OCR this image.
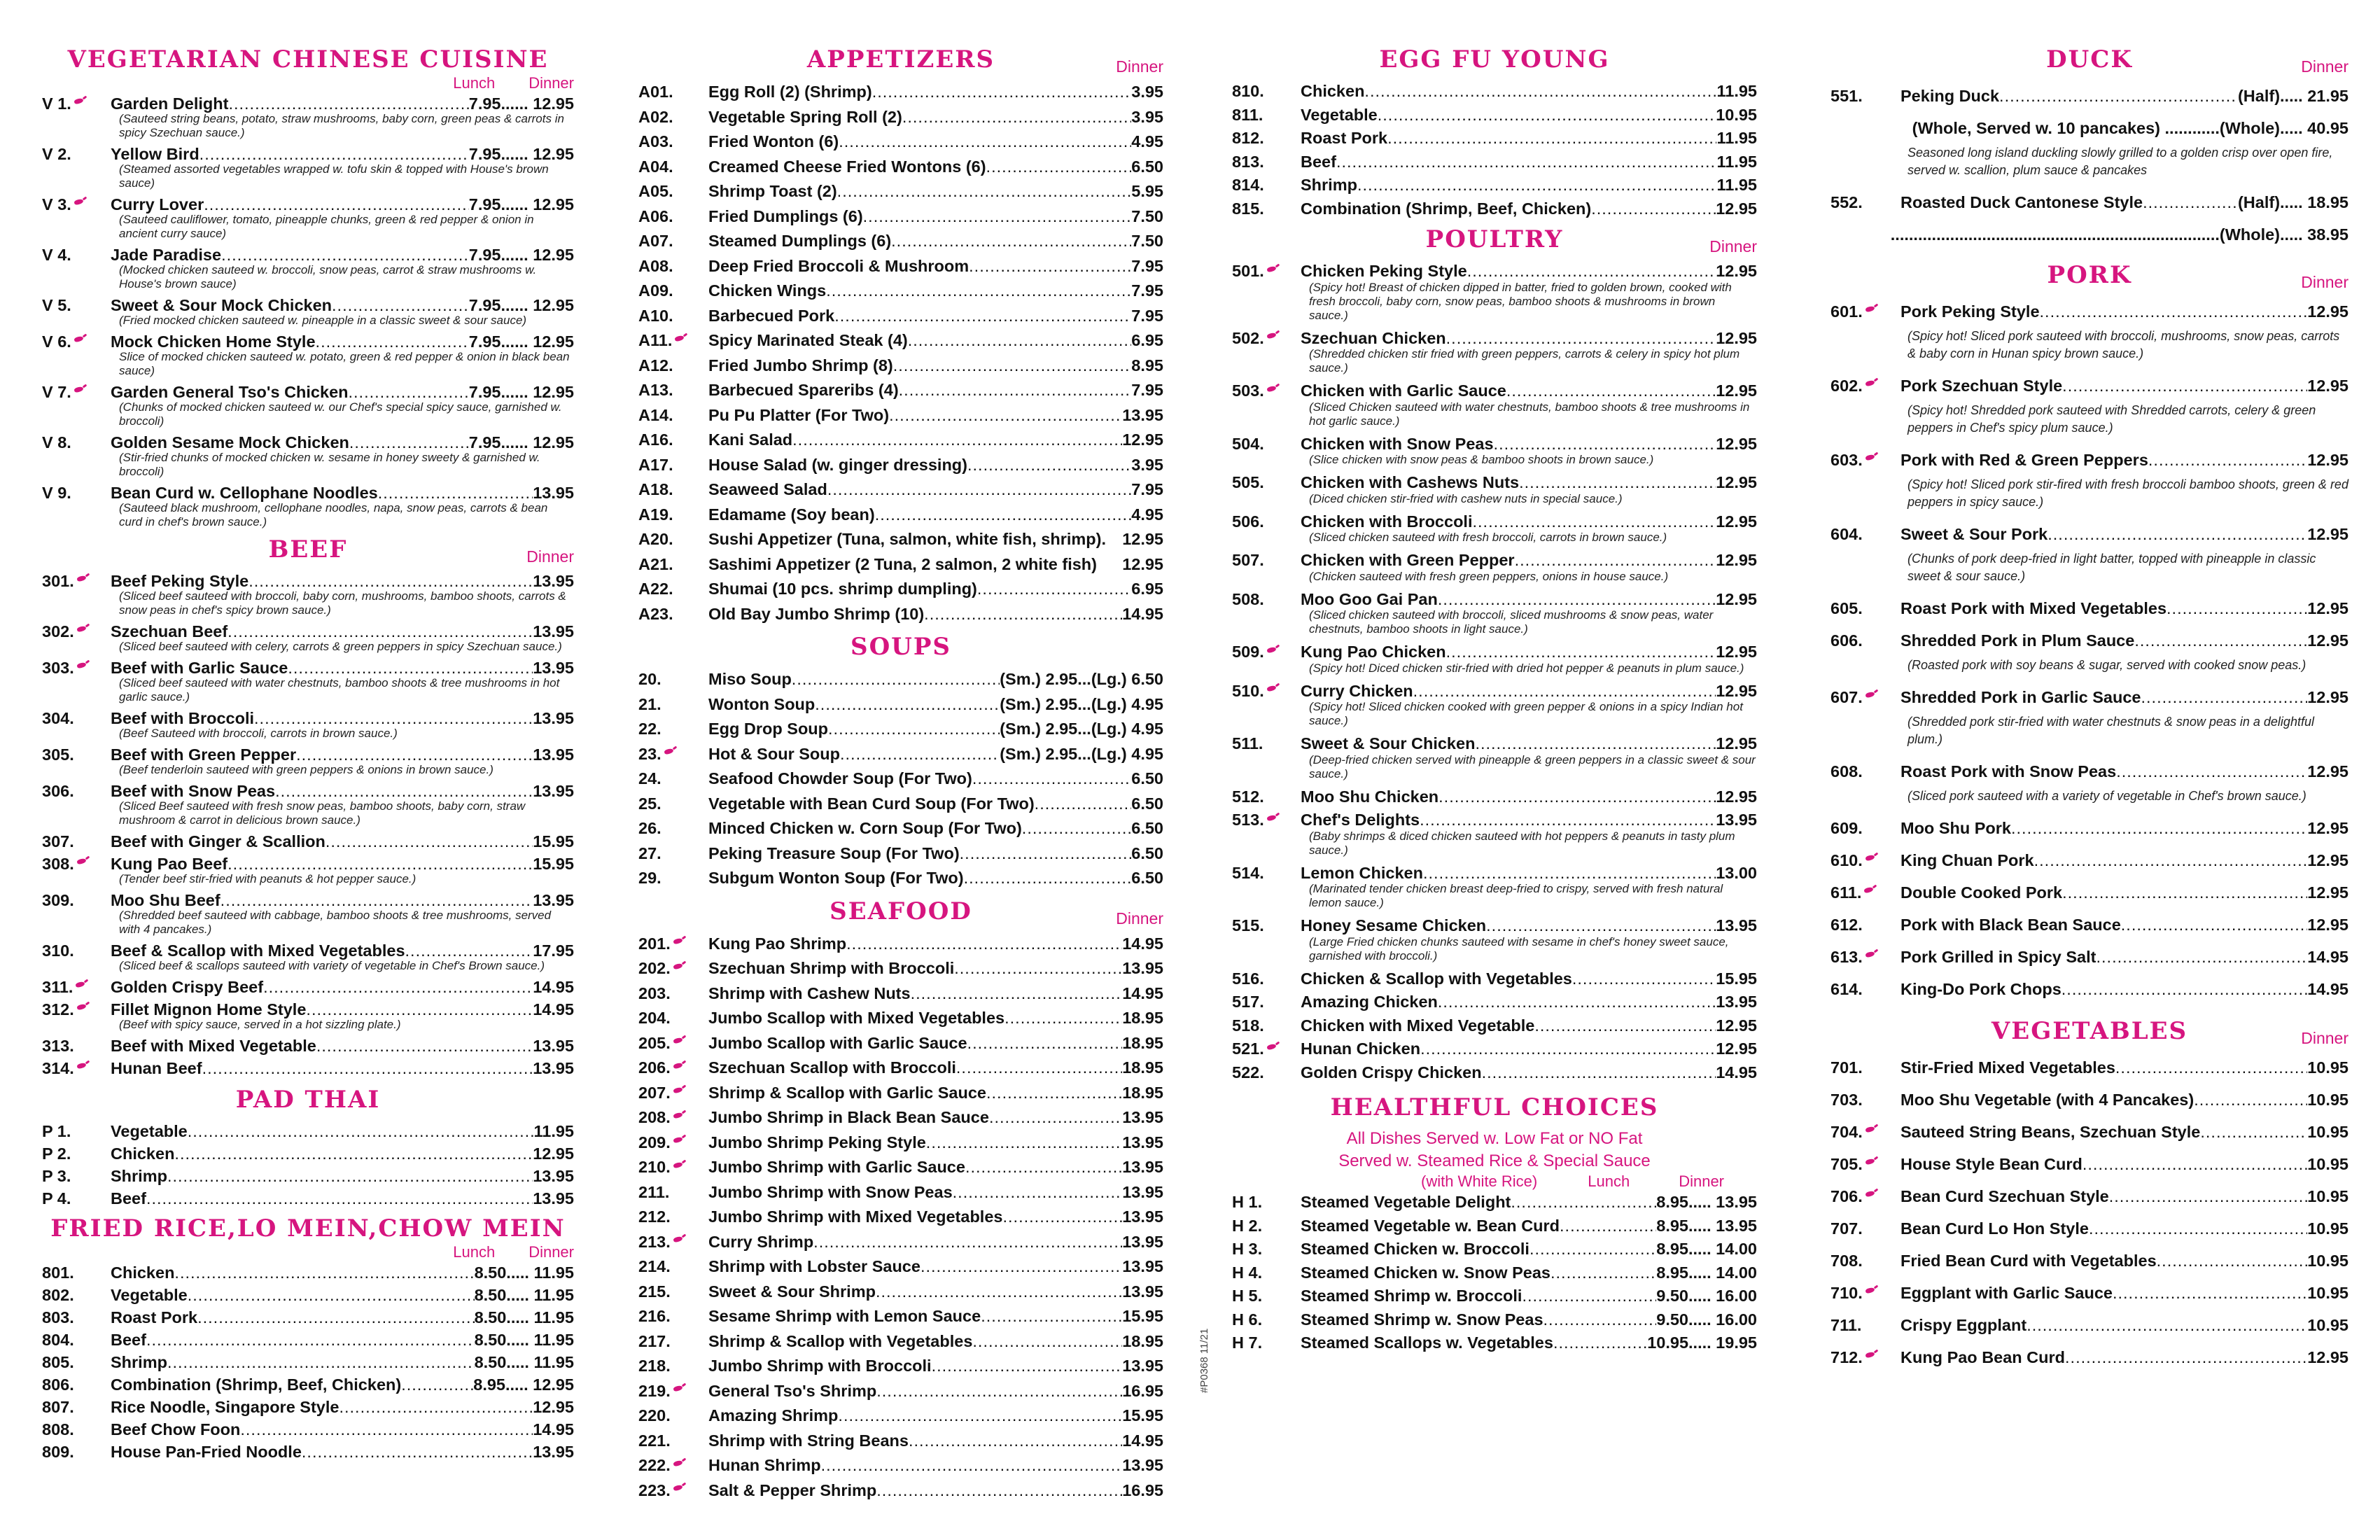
VEGETARIAN CHINESE CUISINE
Lunch Dinner
V 1. Garden Delight .....	7.95...... 12.95
(Sauteed string beans, potato, straw mushrooms, baby corn, green peas & carrots in spicy Szechuan sauce.)
V 2. Yellow Bird .....	7.95...... 12.95
(Steamed assorted vegetables wrapped w. tofu skin & topped with House's brown sauce)
V 3. Curry Lover .....	7.95...... 12.95
(Sauteed cauliflower, tomato, pineapple chunks, green & red pepper & onion in ancient curry sauce)
V 4. Jade Paradise .....	7.95...... 12.95
(Mocked chicken sauteed w. broccoli, snow peas, carrot & straw mushrooms w. House's brown sauce)
V 5. Sweet & Sour Mock Chicken .....	7.95...... 12.95
(Fried mocked chicken sauteed w. pineapple in a classic sweet & sour sauce)
V 6. Mock Chicken Home Style .....	7.95...... 12.95
Slice of mocked chicken sauteed w. potato, green & red pepper & onion in black bean sauce)
V 7. Garden General Tso's Chicken .....	7.95...... 12.95
(Chunks of mocked chicken sauteed w. our Chef's special spicy sauce, garnished w. broccoli)
V 8. Golden Sesame Mock Chicken .....	7.95...... 12.95
(Stir-fried chunks of mocked chicken w. sesame in honey sweety & garnished w. broccoli)
V 9. Bean Curd w. Cellophane Noodles .....	13.95
(Sauteed black mushroom, cellophane noodles, napa, snow peas, carrots & bean curd in chef's brown sauce.)
BEEF	Dinner
301. Beef Peking Style .....	13.95
(Sliced beef sauteed with broccoli, baby corn, mushrooms, bamboo shoots, carrots & snow peas in chef's spicy brown sauce.)
302. Szechuan Beef .....	13.95
(Sliced beef sauteed with celery, carrots & green peppers in spicy Szechuan sauce.)
303. Beef with Garlic Sauce .....	13.95
(Sliced beef sauteed with water chestnuts, bamboo shoots & tree mushrooms in hot garlic sauce.)
304. Beef with Broccoli .....	13.95
(Beef Sauteed with broccoli, carrots in brown sauce.)
305. Beef with Green Pepper .....	13.95
(Beef tenderloin sauteed with green peppers & onions in brown sauce.)
306. Beef with Snow Peas .....	13.95
(Sliced Beef sauteed with fresh snow peas, bamboo shoots, baby corn, straw mushroom & carrot in delicious brown sauce.)
307. Beef with Ginger & Scallion .....	15.95
308. Kung Pao Beef .....	15.95
(Tender beef stir-fried with peanuts & hot pepper sauce.)
309. Moo Shu Beef .....	13.95
(Shredded beef sauteed with cabbage, bamboo shoots & tree mushrooms, served with 4 pancakes.)
310. Beef & Scallop with Mixed Vegetables .....	17.95
(Sliced beef & scallops sauteed with variety of vegetable in Chef's Brown sauce.)
311. Golden Crispy Beef .....	14.95
312. Fillet Mignon Home Style .....	14.95
(Beef with spicy sauce, served in a hot sizzling plate.)
313. Beef with Mixed Vegetable .....	13.95
314. Hunan Beef .....	13.95
PAD THAI
P 1. Vegetable .....	11.95
P 2. Chicken .....	12.95
P 3. Shrimp .....	13.95
P 4. Beef .....	13.95
FRIED RICE,LO MEIN,CHOW MEIN
Lunch Dinner
801. Chicken .....	8.50..... 11.95
802. Vegetable .....	8.50..... 11.95
803. Roast Pork .....	8.50..... 11.95
804. Beef .....	8.50..... 11.95
805. Shrimp .....	8.50..... 11.95
806. Combination (Shrimp, Beef, Chicken) .....	8.95..... 12.95
807. Rice Noodle, Singapore Style .....	12.95
808. Beef Chow Foon .....	14.95
809. House Pan-Fried Noodle .....	13.95
APPETIZERS	Dinner
A01. Egg Roll (2) (Shrimp) .....	3.95
A02. Vegetable Spring Roll (2) .....	3.95
A03. Fried Wonton (6) .....	4.95
A04. Creamed Cheese Fried Wontons (6) .....	6.50
A05. Shrimp Toast (2) .....	5.95
A06. Fried Dumplings (6) .....	7.50
A07. Steamed Dumplings (6) .....	7.50
A08. Deep Fried Broccoli & Mushroom .....	7.95
A09. Chicken Wings .....	7.95
A10. Barbecued Pork .....	7.95
A11. Spicy Marinated Steak (4) .....	6.95
A12. Fried Jumbo Shrimp (8) .....	8.95
A13. Barbecued Spareribs (4) .....	7.95
A14. Pu Pu Platter (For Two) .....	13.95
A16. Kani Salad .....	12.95
A17. House Salad (w. ginger dressing) .....	3.95
A18. Seaweed Salad .....	7.95
A19. Edamame (Soy bean) .....	4.95
A20. Sushi Appetizer (Tuna, salmon, white fish, shrimp). 12.95
A21. Sashimi Appetizer (2 Tuna, 2 salmon, 2 white fish) 12.95
A22. Shumai (10 pcs. shrimp dumpling) .....	6.95
A23. Old Bay Jumbo Shrimp (10) .....	14.95
SOUPS
20.	Miso Soup .....	(Sm.) 2.95...(Lg.) 6.50
21.	Wonton Soup .....	(Sm.) 2.95...(Lg.) 4.95
22.	Egg Drop Soup .....	(Sm.) 2.95...(Lg.) 4.95
23.	Hot & Sour Soup .....	(Sm.) 2.95...(Lg.) 4.95
24.	Seafood Chowder Soup (For Two) .....	6.50
25.	Vegetable with Bean Curd Soup (For Two) .....	6.50
26.	Minced Chicken w. Corn Soup (For Two) .....	6.50
27.	Peking Treasure Soup (For Two) .....	6.50
29.	Subgum Wonton Soup (For Two) .....	6.50
SEAFOOD	Dinner
201. Kung Pao Shrimp .....	14.95
202. Szechuan Shrimp with Broccoli .....	13.95
203. Shrimp with Cashew Nuts .....	14.95
204. Jumbo Scallop with Mixed Vegetables .....	18.95
205. Jumbo Scallop with Garlic Sauce .....	18.95
206. Szechuan Scallop with Broccoli .....	18.95
207. Shrimp & Scallop with Garlic Sauce .....	18.95
208. Jumbo Shrimp in Black Bean Sauce .....	13.95
209. Jumbo Shrimp Peking Style .....	13.95
210. Jumbo Shrimp with Garlic Sauce .....	13.95
211. Jumbo Shrimp with Snow Peas .....	13.95
212. Jumbo Shrimp with Mixed Vegetables .....	13.95
213. Curry Shrimp .....	13.95
214. Shrimp with Lobster Sauce .....	13.95
215. Sweet & Sour Shrimp .....	13.95
216. Sesame Shrimp with Lemon Sauce .....	15.95
217. Shrimp & Scallop with Vegetables .....	18.95
218. Jumbo Shrimp with Broccoli .....	13.95
219. General Tso's Shrimp .....	16.95
220. Amazing Shrimp .....	15.95
221. Shrimp with String Beans .....	14.95
222. Hunan Shrimp .....	13.95
223. Salt & Pepper Shrimp .....	16.95
EGG FU YOUNG
810. Chicken .....	11.95
811. Vegetable .....	10.95
812. Roast Pork .....	11.95
813. Beef .....	11.95
814. Shrimp .....	11.95
815. Combination (Shrimp, Beef, Chicken) .....	12.95
POULTRY	Dinner
501. Chicken Peking Style .....	12.95
(Spicy hot! Breast of chicken dipped in batter, fried to golden brown, cooked with fresh broccoli, baby corn, snow peas, bamboo shoots & mushrooms in brown sauce.)
502. Szechuan Chicken .....	12.95
(Shredded chicken stir fried with green peppers, carrots & celery in spicy hot plum sauce.)
503. Chicken with Garlic Sauce .....	12.95
(Sliced Chicken sauteed with water chestnuts, bamboo shoots & tree mushrooms in hot garlic sauce.)
504. Chicken with Snow Peas .....	12.95
(Slice chicken with snow peas & bamboo shoots in brown sauce.)
505. Chicken with Cashews Nuts .....	12.95
(Diced chicken stir-fried with cashew nuts in special sauce.)
506. Chicken with Broccoli .....	12.95
(Sliced chicken sauteed with fresh broccoli, carrots in brown sauce.)
507. Chicken with Green Pepper .....	12.95
(Chicken sauteed with fresh green peppers, onions in house sauce.)
508. Moo Goo Gai Pan .....	12.95
(Sliced chicken sauteed with broccoli, sliced mushrooms & snow peas, water chestnuts, bamboo shoots in light sauce.)
509. Kung Pao Chicken .....	12.95
(Spicy hot! Diced chicken stir-fried with dried hot pepper & peanuts in plum sauce.)
510. Curry Chicken .....	12.95
(Spicy hot! Sliced chicken cooked with green pepper & onions in a spicy Indian hot sauce.)
511. Sweet & Sour Chicken .....	12.95
(Deep-fried chicken served with pineapple & green peppers in a classic sweet & sour sauce.)
512. Moo Shu Chicken .....	12.95
513. Chef's Delights .....	13.95
(Baby shrimps & diced chicken sauteed with hot peppers & peanuts in tasty plum sauce.)
514. Lemon Chicken .....	13.00
(Marinated tender chicken breast deep-fried to crispy, served with fresh natural lemon sauce.)
515. Honey Sesame Chicken .....	13.95
(Large Fried chicken chunks sauteed with sesame in chef's honey sweet sauce, garnished with broccoli.)
516. Chicken & Scallop with Vegetables .....	15.95
517. Amazing Chicken .....	13.95
518. Chicken with Mixed Vegetable .....	12.95
521. Hunan Chicken .....	12.95
522. Golden Crispy Chicken .....	14.95
HEALTHFUL CHOICES
All Dishes Served w. Low Fat or NO Fat
Served w. Steamed Rice & Special Sauce
(with White Rice)	Lunch	Dinner
H 1. Steamed Vegetable Delight .....	8.95..... 13.95
H 2. Steamed Vegetable w. Bean Curd .....	8.95..... 13.95
H 3. Steamed Chicken w. Broccoli .....	8.95..... 14.00
H 4. Steamed Chicken w. Snow Peas .....	8.95..... 14.00
H 5. Steamed Shrimp w. Broccoli .....	9.50..... 16.00
H 6. Steamed Shrimp w. Snow Peas .....	9.50..... 16.00
H 7. Steamed Scallops w. Vegetables .....	10.95..... 19.95
DUCK	Dinner
551. Peking Duck .....	(Half)..... 21.95
(Whole, Served w. 10 pancakes) ............(Whole)..... 40.95
Seasoned long island duckling slowly grilled to a golden crisp over open fire, served w. scallion, plum sauce & pancakes
552. Roasted Duck Cantonese Style .....	(Half)..... 18.95
........................................................................(Whole)..... 38.95
PORK	Dinner
601. Pork Peking Style .....	12.95
(Spicy hot! Sliced pork sauteed with broccoli, mushrooms, snow peas, carrots & baby corn in Hunan spicy brown sauce.)
602. Pork Szechuan Style .....	12.95
(Spicy hot! Shredded pork sauteed with Shredded carrots, celery & green peppers in Chef's spicy plum sauce.)
603. Pork with Red & Green Peppers .....	12.95
(Spicy hot! Sliced pork stir-fired with fresh broccoli bamboo shoots, green & red peppers in spicy sauce.)
604. Sweet & Sour Pork .....	12.95
(Chunks of pork deep-fried in light batter, topped with pineapple in classic sweet & sour sauce.)
605. Roast Pork with Mixed Vegetables .....	12.95
606. Shredded Pork in Plum Sauce .....	12.95
(Roasted pork with soy beans & sugar, served with cooked snow peas.)
607. Shredded Pork in Garlic Sauce .....	12.95
(Shredded pork stir-fried with water chestnuts & snow peas in a delightful plum.)
608. Roast Pork with Snow Peas .....	12.95
(Sliced pork sauteed with a variety of vegetable in Chef's brown sauce.)
609. Moo Shu Pork .....	12.95
610. King Chuan Pork .....	12.95
611. Double Cooked Pork .....	12.95
612. Pork with Black Bean Sauce .....	12.95
613. Pork Grilled in Spicy Salt .....	14.95
614. King-Do Pork Chops .....	14.95
VEGETABLES	Dinner
701. Stir-Fried Mixed Vegetables .....	10.95
703. Moo Shu Vegetable (with 4 Pancakes) .....	10.95
704. Sauteed String Beans, Szechuan Style .....	10.95
705. House Style Bean Curd .....	10.95
706. Bean Curd Szechuan Style .....	10.95
707. Bean Curd Lo Hon Style .....	10.95
708. Fried Bean Curd with Vegetables .....	10.95
710. Eggplant with Garlic Sauce .....	10.95
711. Crispy Eggplant .....	10.95
712. Kung Pao Bean Curd .....	12.95
#P0368 11/21
